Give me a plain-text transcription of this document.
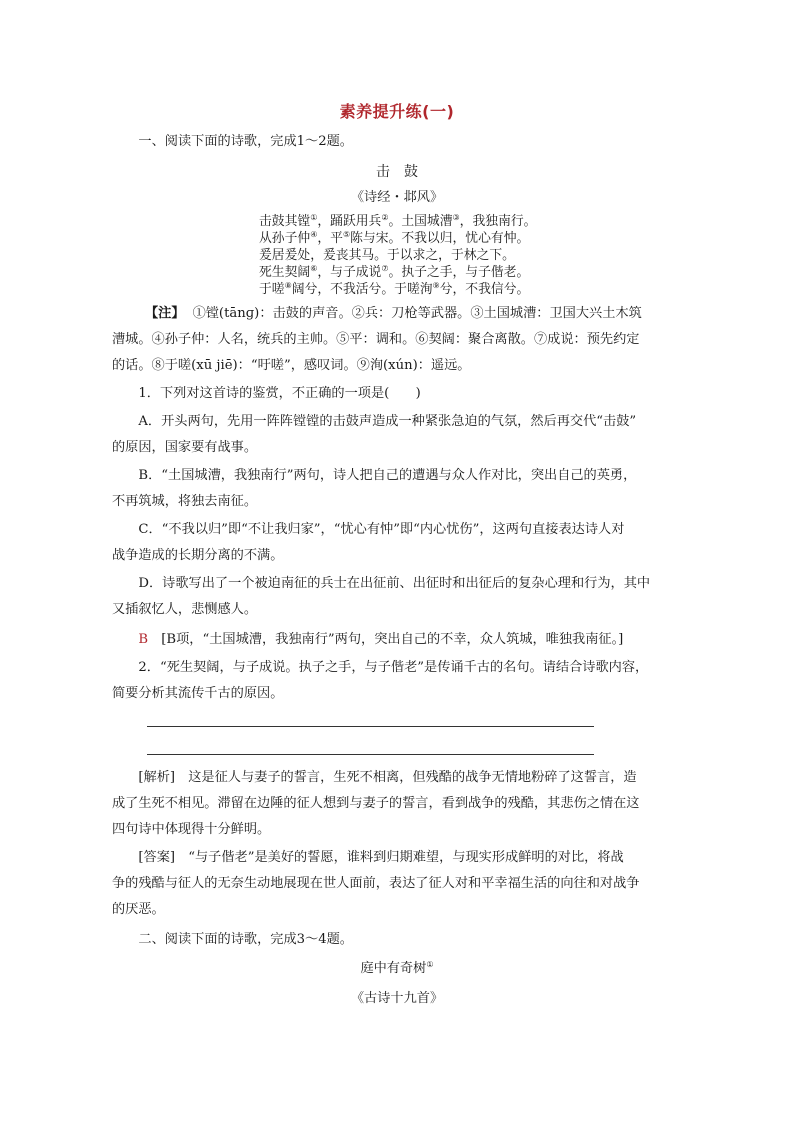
素养提升练(一)

一、阅读下面的诗歌，完成1～2题。

击　鼓
《诗经・邶风》
击鼓其镗①，踊跃用兵②。土国城漕③，我独南行。
从孙子仲④，平⑤陈与宋。不我以归，忧心有忡。
爰居爰处，爰丧其马。于以求之，于林之下。
死生契阔⑥，与子成说⑦。执子之手，与子偕老。
于嗟⑧阔兮，不我活兮。于嗟洵⑨兮，不我信兮。

【注】 ①镗(tānɡ)：击鼓的声音。②兵：刀枪等武器。③土国城漕：卫国大兴土木筑

漕城。④孙子仲：人名，统兵的主帅。⑤平：调和。⑥契阔：聚合离散。⑦成说：预先约定

的话。⑧于嗟(xū jiē)：“吁嗟”，感叹词。⑨洵(xún)：遥远。

1．下列对这首诗的鉴赏，不正确的一项是(　　)

A．开头两句，先用一阵阵镗镗的击鼓声造成一种紧张急迫的气氛，然后再交代“击鼓”

的原因，国家要有战事。

B．“土国城漕，我独南行”两句，诗人把自己的遭遇与众人作对比，突出自己的英勇，

不再筑城，将独去南征。

C．“不我以归”即“不让我归家”，“忧心有忡”即“内心忧伤”，这两句直接表达诗人对

战争造成的长期分离的不满。

D．诗歌写出了一个被迫南征的兵士在出征前、出征时和出征后的复杂心理和行为，其中

又插叙忆人，悲恻感人。

B　 [B项，“土国城漕，我独南行”两句，突出自己的不幸，众人筑城，唯独我南征。]

2．“死生契阔，与子成说。执子之手，与子偕老”是传诵千古的名句。请结合诗歌内容，

简要分析其流传千古的原因。

[解析]　这是征人与妻子的誓言，生死不相离，但残酷的战争无情地粉碎了这誓言，造

成了生死不相见。滞留在边陲的征人想到与妻子的誓言，看到战争的残酷，其悲伤之情在这

四句诗中体现得十分鲜明。

[答案]　“与子偕老”是美好的誓愿，谁料到归期难望，与现实形成鲜明的对比，将战

争的残酷与征人的无奈生动地展现在世人面前，表达了征人对和平幸福生活的向往和对战争

的厌恶。

二、阅读下面的诗歌，完成3～4题。

庭中有奇树①
《古诗十九首》
